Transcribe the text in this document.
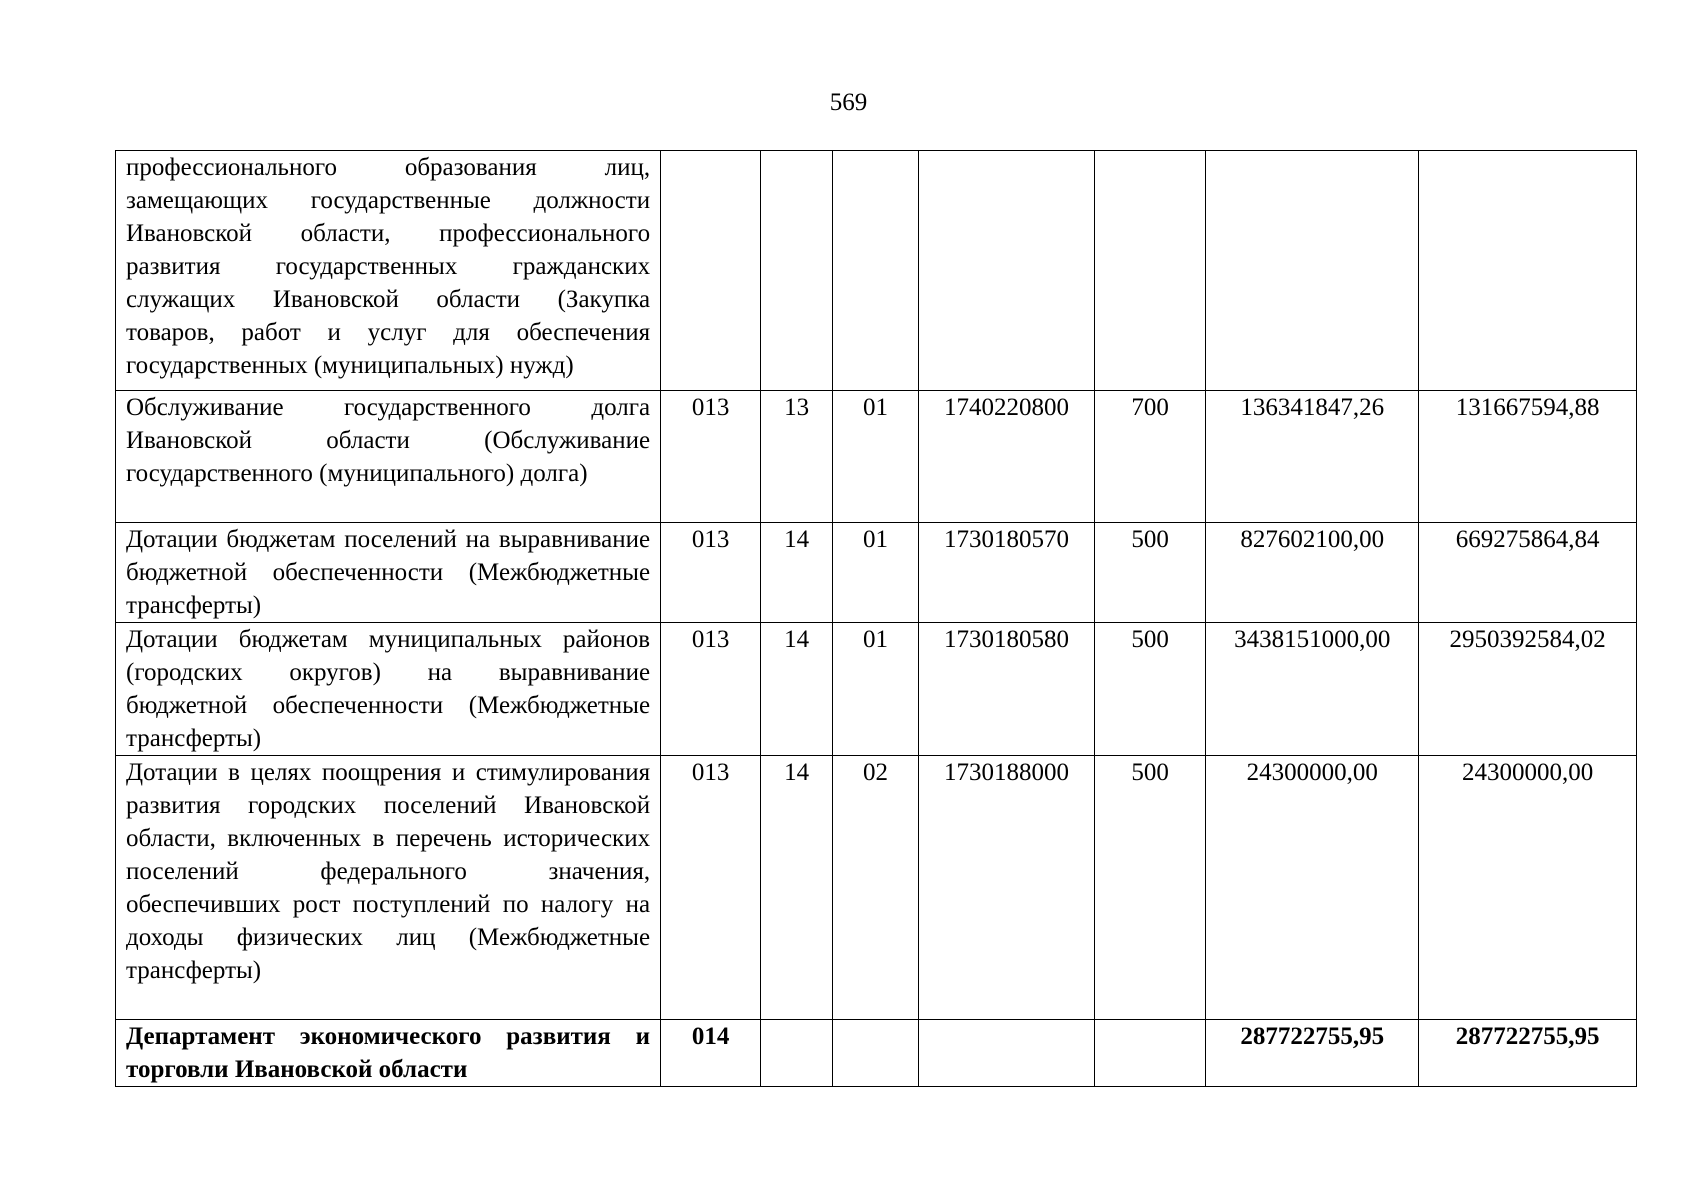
569
профессионального образования лиц, замещающих государственные должности Ивановской области, профессионального развития государственных гражданских служащих Ивановской области (Закупка товаров, работ и услуг для обеспечения государственных (муниципальных) нужд)							
Обслуживание государственного долга Ивановской области (Обслуживание государственного (муниципального) долга)	013	13	01	1740220800	700	136341847,26	131667594,88
Дотации бюджетам поселений на выравнивание бюджетной обеспеченности (Межбюджетные трансферты)	013	14	01	1730180570	500	827602100,00	669275864,84
Дотации бюджетам муниципальных районов (городских округов) на выравнивание бюджетной обеспеченности (Межбюджетные трансферты)	013	14	01	1730180580	500	3438151000,00	2950392584,02
Дотации в целях поощрения и стимулирования развития городских поселений Ивановской области, включенных в перечень исторических поселений федерального значения, обеспечивших рост поступлений по налогу на доходы физических лиц (Межбюджетные трансферты)	013	14	02	1730188000	500	24300000,00	24300000,00
Департамент экономического развития и торговли Ивановской области	014					287722755,95	287722755,95
